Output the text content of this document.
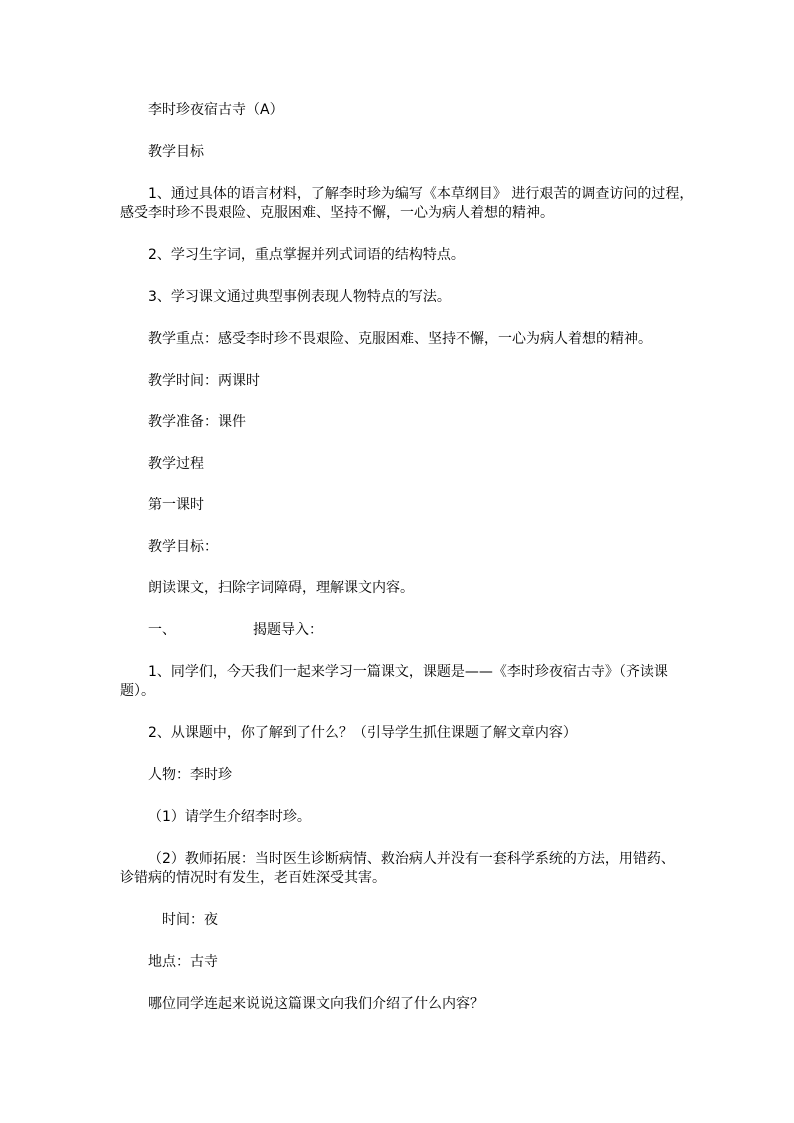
李时珍夜宿古寺（A）
教学目标
1、通过具体的语言材料，了解李时珍为编写《本草纲目》 进行艰苦的调查访问的过程，
感受李时珍不畏艰险、克服困难、坚持不懈，一心为病人着想的精神。
2、学习生字词，重点掌握并列式词语的结构特点。
3、学习课文通过典型事例表现人物特点的写法。
教学重点：感受李时珍不畏艰险、克服困难、坚持不懈，一心为病人着想的精神。
教学时间：两课时
教学准备：课件
教学过程
第一课时
教学目标：
朗读课文，扫除字词障碍，理解课文内容。
一、	揭题导入：
1、同学们，今天我们一起来学习一篇课文，课题是——《李时珍夜宿古寺》（齐读课
题）。
2、从课题中，你了解到了什么？（引导学生抓住课题了解文章内容）
人物：李时珍
（1）请学生介绍李时珍。
（2）教师拓展：当时医生诊断病情、救治病人并没有一套科学系统的方法，用错药、
诊错病的情况时有发生，老百姓深受其害。
时间：夜
地点：古寺
哪位同学连起来说说这篇课文向我们介绍了什么内容？
